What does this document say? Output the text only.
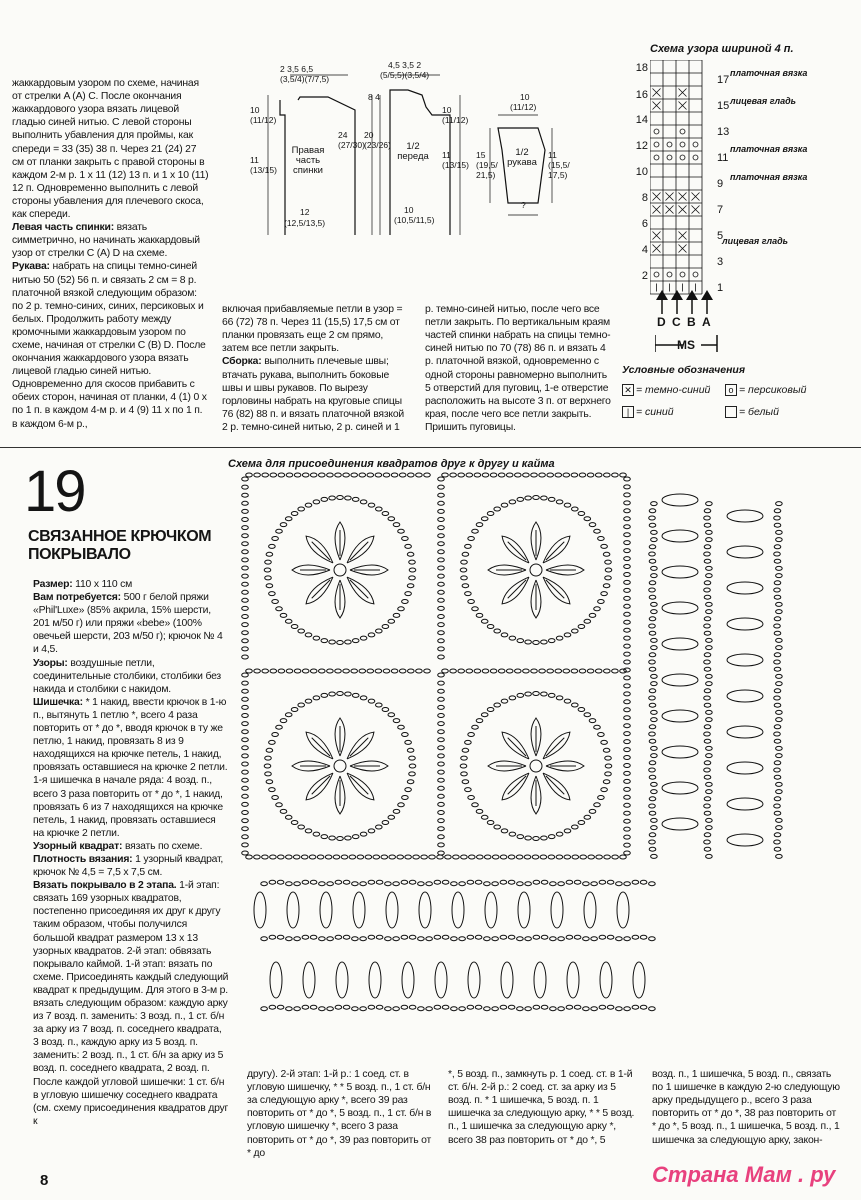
жаккардовым узором по схеме, начиная от стрелки A (A) C. После окончания жаккардового узора вязать лицевой гладью синей нитью. С левой стороны выполнить убавления для проймы, как спереди = 33 (35) 38 п. Через 21 (24) 27 см от планки закрыть с правой стороны в каждом 2-м р. 1 х 11 (12) 13 п. и 1 х 10 (11) 12 п. Одновременно выполнить с левой стороны убавления для плечевого скоса, как спереди.
Левая часть спинки: вязать симметрично, но начинать жаккардовый узор от стрелки C (A) D на схеме.
Рукава: набрать на спицы темно-синей нитью 50 (52) 56 п. и связать 2 см = 8 р. платочной вязкой следующим образом: по 2 р. темно-синих, синих, персиковых и белых. Продолжить работу между кромочными жаккардовым узором по схеме, начиная от стрелки C (B) D. После окончания жаккардового узора вязать лицевой гладью синей нитью. Одновременно для скосов прибавить с обеих сторон, начиная от планки, 4 (1) 0 х по 1 п. в каждом 4-м р. и 4 (9) 11 х по 1 п. в каждом 6-м р.,

включая прибавляемые петли в узор = 66 (72) 78 п. Через 11 (15,5) 17,5 см от планки провязать еще 2 см прямо, затем все петли закрыть.
Сборка: выполнить плечевые швы; втачать рукава, выполнить боковые швы и швы рукавов. По вырезу горловины набрать на круговые спицы 76 (82) 88 п. и вязать платочной вязкой 2 р. темно-синей нитью, 2 р. синей и 1

р. темно-синей нитью, после чего все петли закрыть. По вертикальным краям частей спинки набрать на спицы темно-синей нитью по 70 (78) 86 п. и вязать 4 р. платочной вязкой, одновременно с одной стороны равномерно выполнить 5 отверстий для пуговиц, 1-е отверстие расположить на высоте 3 п. от верхнего края, после чего все петли закрыть. Пришить пуговицы.

Правая часть спинки
1/2 переда	1/2 рукава
2 3,5 6,5
(3,5/4)(7/7,5)
12
(12,5/13,5)
10 (11/12)
11 (13/15)
24 (27/30)
4,5 3,5 2
(5/5,5)(3,5/4)
8 4
20 (23/26)
10
(10,5/11,5)
11 (13/15)
10 (11/12)
10
(11/12)
15 (19,5/ 21,5)
11 (15,5/ 17,5)
?
Схема узора шириной 4 п.
18
16
14
12
10
8
6
4
2
17
15
13
11
9
7
5
3
1
платочная вязка
лицевая гладь
платочная вязка
платочная вязка
лицевая гладь
D C B A
MS
Условные обозначения
✕ = темно-синий	o = персиковый
| = синий	= белый
19
СВЯЗАННОЕ КРЮЧКОМ ПОКРЫВАЛО
Схема для присоединения квадратов друг к другу и кайма
Размер: 110 х 110 см
Вам потребуется: 500 г белой пряжи «Phil'Luxe» (85% акрила, 15% шерсти, 201 м/50 г) или пряжи «bebe» (100% овечьей шерсти, 203 м/50 г); крючок № 4 и 4,5.
Узоры: воздушные петли, соединительные столбики, столбики без накида и столбики с накидом.
Шишечка: * 1 накид, ввести крючок в 1-ю п., вытянуть 1 петлю *, всего 4 раза повторить от * до *, вводя крючок в ту же петлю, 1 накид, провязать 8 из 9 находящихся на крючке петель, 1 накид, провязать оставшиеся на крючке 2 петли. 1-я шишечка в начале ряда: 4 возд. п., всего 3 раза повторить от * до *, 1 накид, провязать 6 из 7 находящихся на крючке петель, 1 накид, провязать оставшиеся на крючке 2 петли.
Узорный квадрат: вязать по схеме.
Плотность вязания: 1 узорный квадрат, крючок № 4,5 = 7,5 х 7,5 см.
Вязать покрывало в 2 этапа. 1-й этап: связать 169 узорных квадратов, постепенно присоединяя их друг к другу таким образом, чтобы получился большой квадрат размером 13 х 13 узорных квадратов. 2-й этап: обвязать покрывало каймой. 1-й этап: вязать по схеме. Присоединять каждый следующий квадрат к предыдущим. Для этого в 3-м р. вязать следующим образом: каждую арку из 7 возд. п. заменить: 3 возд. п., 1 ст. б/н за арку из 7 возд. п. соседнего квадрата, 3 возд. п., каждую арку из 5 возд. п. заменить: 2 возд. п., 1 ст. б/н за арку из 5 возд. п. соседнего квадрата, 2 возд. п. После каждой угловой шишечки: 1 ст. б/н в угловую шишечку соседнего квадрата (см. схему присоединения квадратов друг к

другу). 2-й этап: 1-й р.: 1 соед. ст. в угловую шишечку, * * 5 возд. п., 1 ст. б/н за следующую арку *, всего 39 раз повторить от * до *, 5 возд. п., 1 ст. б/н в угловую шишечку *, всего 3 раза повторить от * до *, 39 раз повторить от * до

*, 5 возд. п., замкнуть р. 1 соед. ст. в 1-й ст. б/н. 2-й р.: 2 соед. ст. за арку из 5 возд. п. * 1 шишечка, 5 возд. п. 1 шишечка за следующую арку, * * 5 возд. п., 1 шишечка за следующую арку *, всего 38 раз повторить от * до *, 5

возд. п., 1 шишечка, 5 возд. п., связать по 1 шишечке в каждую 2-ю следующую арку предыдущего р., всего 3 раза повторить от * до *, 38 раз повторить от * до *, 5 возд. п., 1 шишечка, 5 возд. п., 1 шишечка за следующую арку, закон-

8	Страна Мам . ру
